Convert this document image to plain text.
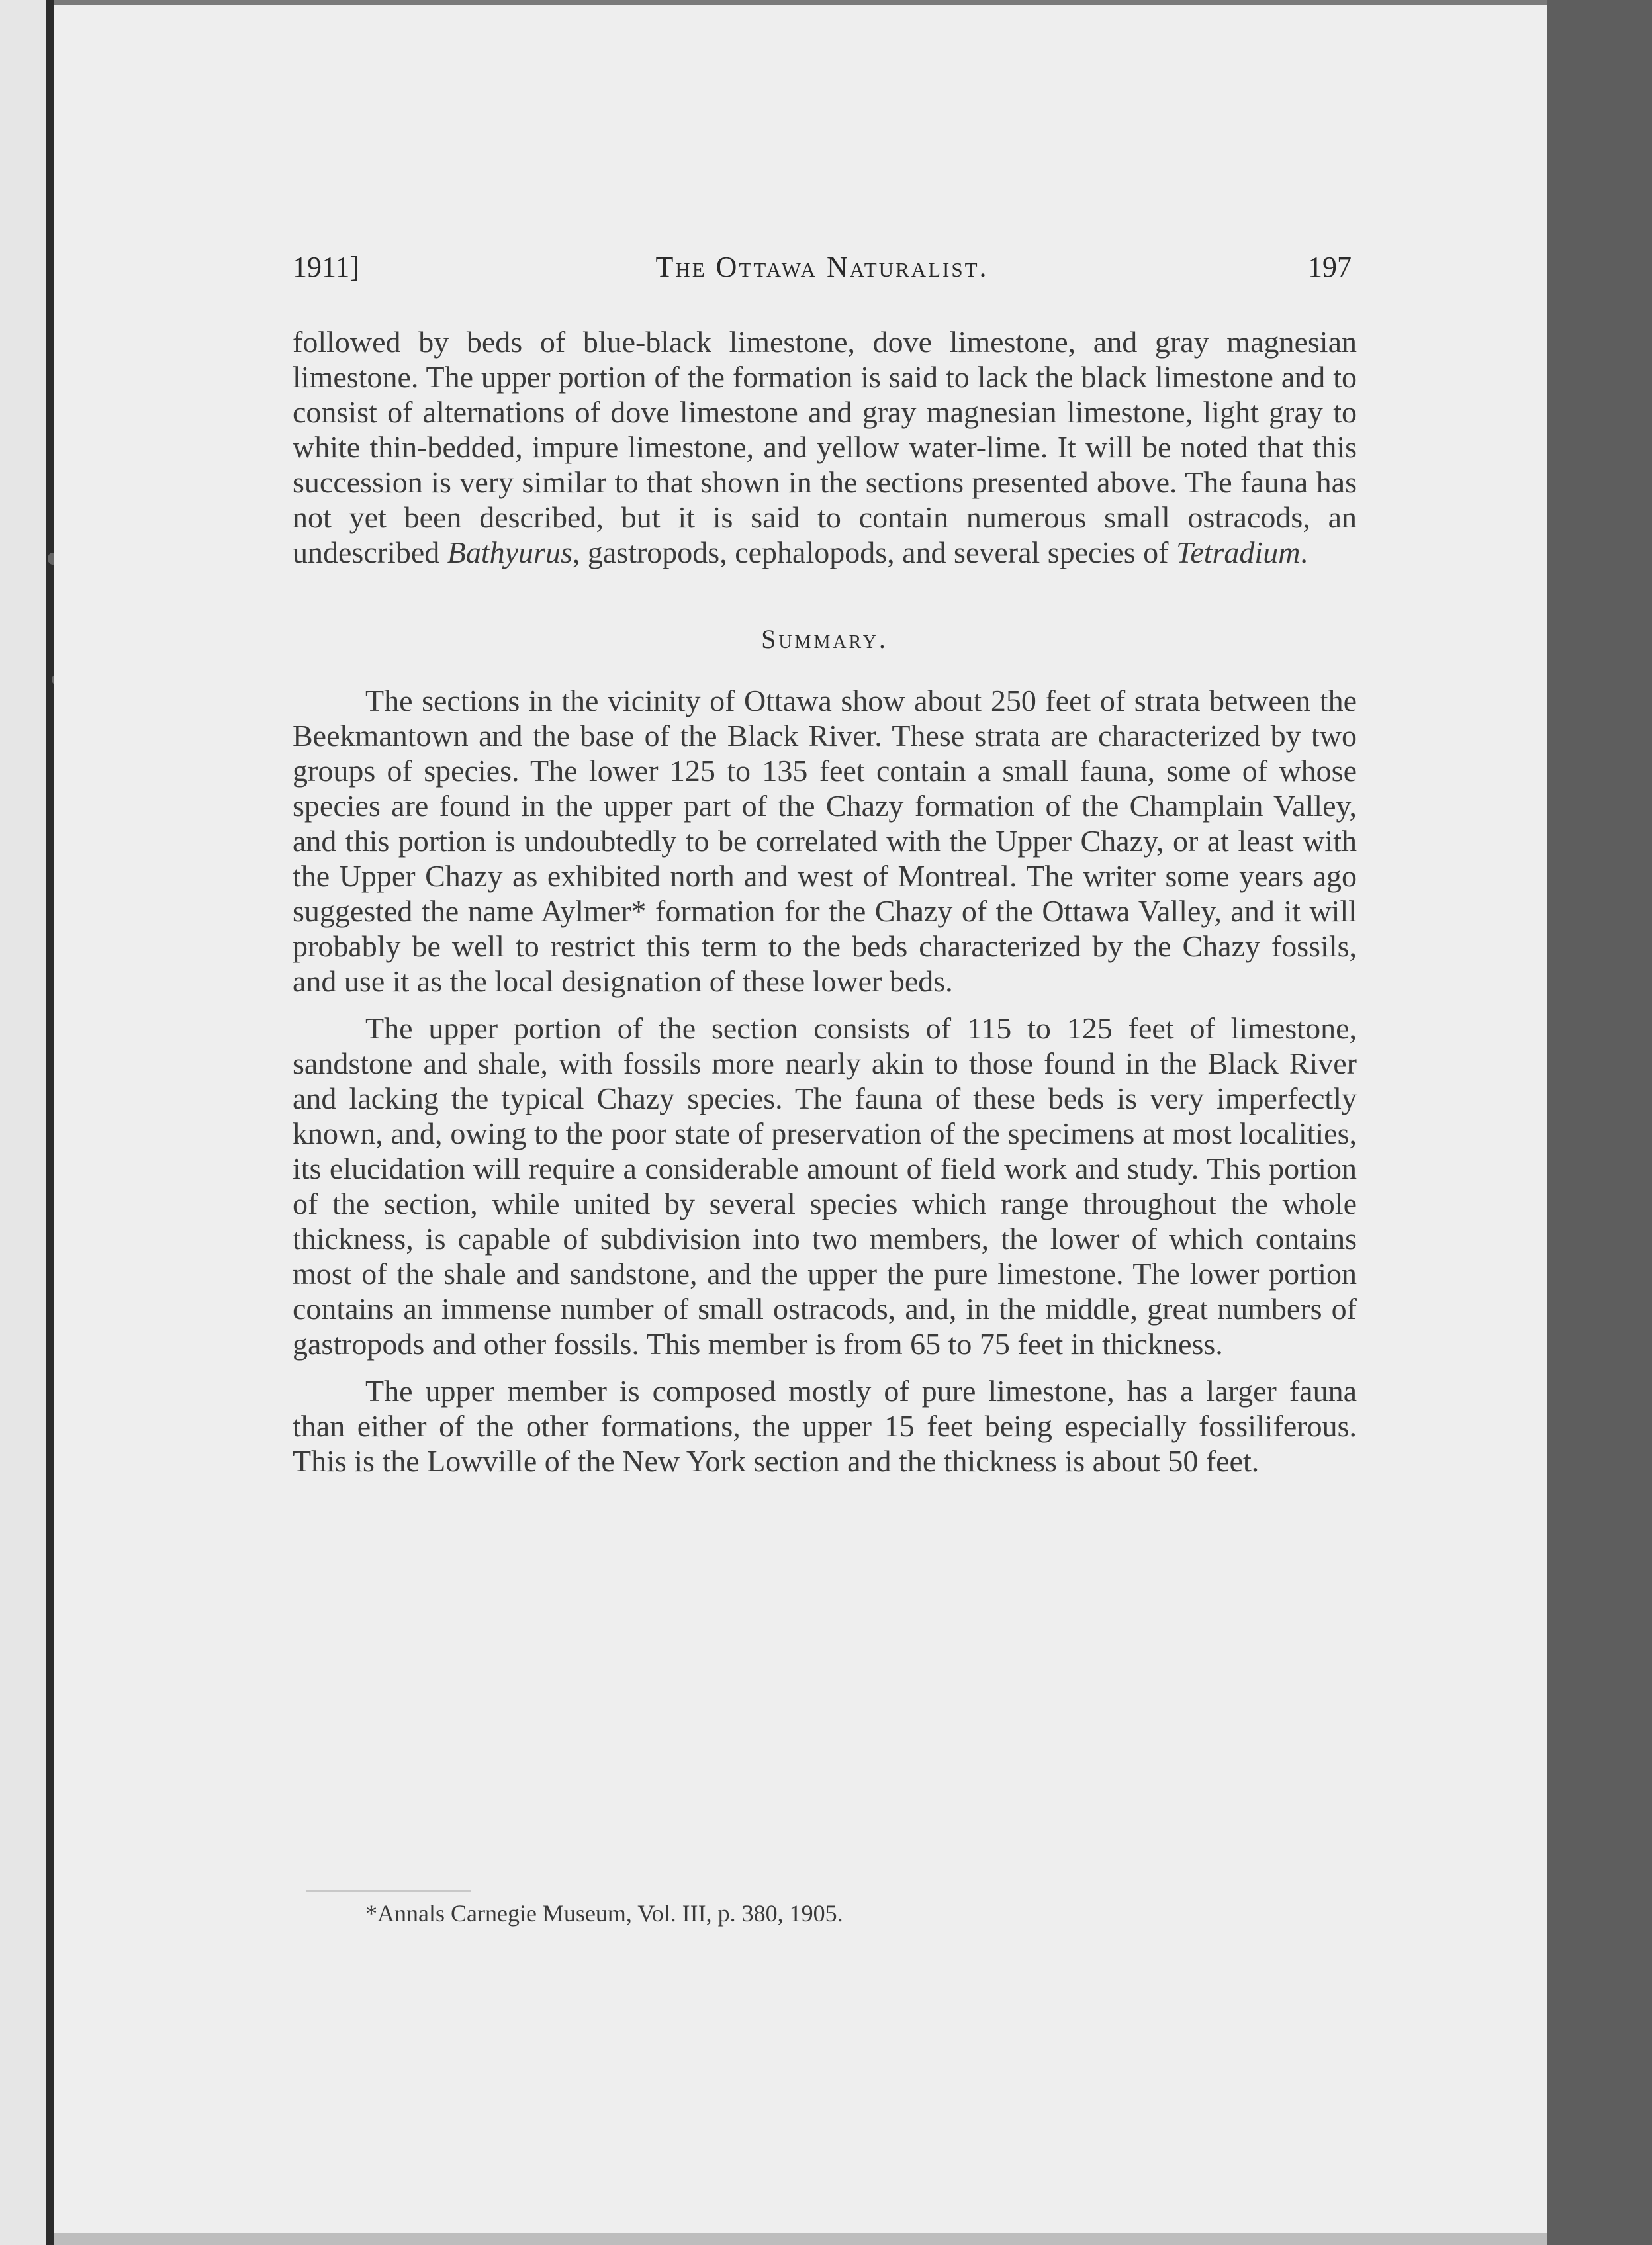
1911]	The Ottawa Naturalist.	197

followed by beds of blue-black limestone, dove limestone, and gray magnesian limestone. The upper portion of the formation is said to lack the black limestone and to consist of alternations of dove limestone and gray magnesian limestone, light gray to white thin-bedded, impure limestone, and yellow water-lime. It will be noted that this succession is very similar to that shown in the sections presented above. The fauna has not yet been described, but it is said to contain numerous small ostracods, an undescribed Bathyurus, gastropods, cephalopods, and several species of Tetradium.

Summary.

The sections in the vicinity of Ottawa show about 250 feet of strata between the Beekmantown and the base of the Black River. These strata are characterized by two groups of species. The lower 125 to 135 feet contain a small fauna, some of whose species are found in the upper part of the Chazy formation of the Champlain Valley, and this portion is undoubtedly to be correlated with the Upper Chazy, or at least with the Upper Chazy as exhibited north and west of Montreal. The writer some years ago suggested the name Aylmer* formation for the Chazy of the Ottawa Valley, and it will probably be well to restrict this term to the beds characterized by the Chazy fossils, and use it as the local designation of these lower beds.

The upper portion of the section consists of 115 to 125 feet of limestone, sandstone and shale, with fossils more nearly akin to those found in the Black River and lacking the typical Chazy species. The fauna of these beds is very imperfectly known, and, owing to the poor state of preservation of the specimens at most localities, its elucidation will require a considerable amount of field work and study. This portion of the section, while united by several species which range throughout the whole thickness, is capable of subdivision into two members, the lower of which contains most of the shale and sandstone, and the upper the pure limestone. The lower portion contains an immense number of small ostracods, and, in the middle, great numbers of gastropods and other fossils. This member is from 65 to 75 feet in thickness.

The upper member is composed mostly of pure limestone, has a larger fauna than either of the other formations, the upper 15 feet being especially fossiliferous. This is the Lowville of the New York section and the thickness is about 50 feet.

*Annals Carnegie Museum, Vol. III, p. 380, 1905.
